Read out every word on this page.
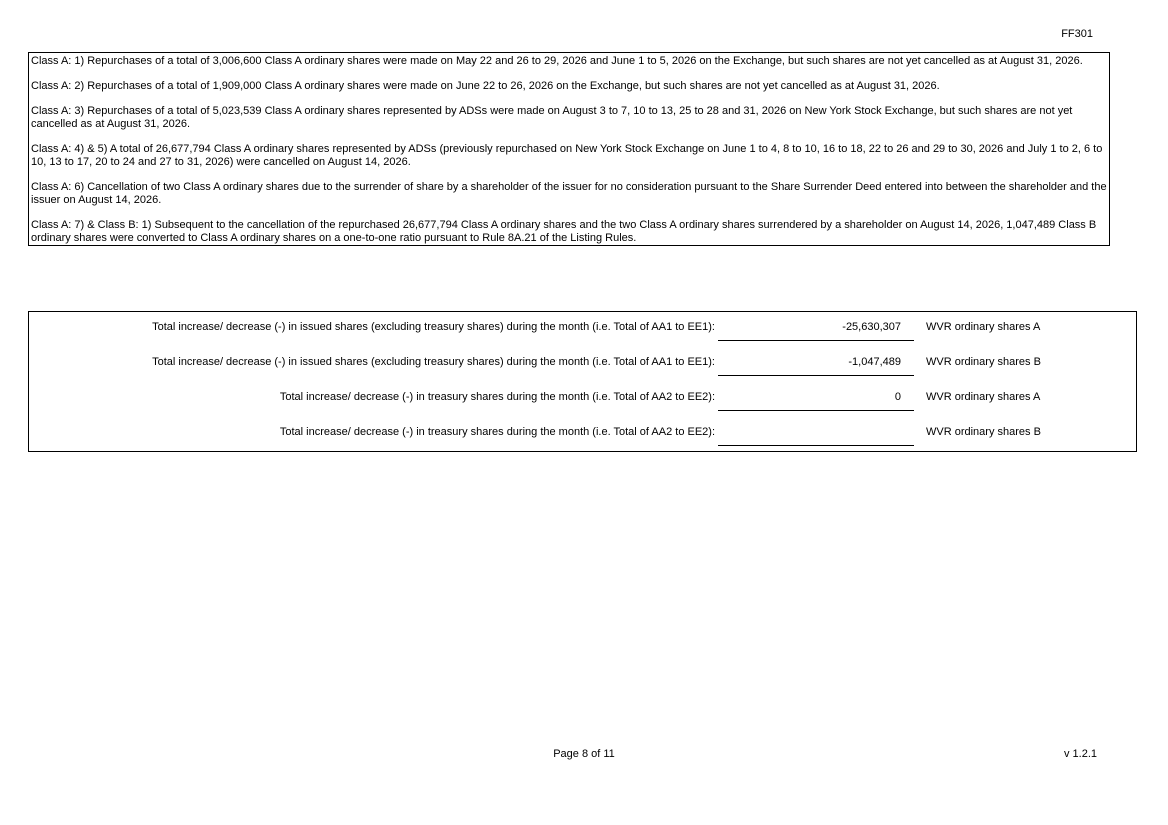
FF301

Class A: 1) Repurchases of a total of 3,006,600 Class A ordinary shares were made on May 22 and 26 to 29, 2026 and June 1 to 5, 2026 on the Exchange, but such shares are not yet cancelled as at August 31, 2026.

Class A: 2) Repurchases of a total of 1,909,000 Class A ordinary shares were made on June 22 to 26, 2026 on the Exchange, but such shares are not yet cancelled as at August 31, 2026.

Class A: 3) Repurchases of a total of 5,023,539 Class A ordinary shares represented by ADSs were made on August 3 to 7, 10 to 13, 25 to 28 and 31, 2026 on New York Stock Exchange, but such shares are not yet cancelled as at August 31, 2026.

Class A: 4) & 5) A total of 26,677,794 Class A ordinary shares represented by ADSs (previously repurchased on New York Stock Exchange on June 1 to 4, 8 to 10, 16 to 18, 22 to 26 and 29 to 30, 2026 and July 1 to 2, 6 to 10, 13 to 17, 20 to 24 and 27 to 31, 2026) were cancelled on August 14, 2026.

Class A: 6) Cancellation of two Class A ordinary shares due to the surrender of share by a shareholder of the issuer for no consideration pursuant to the Share Surrender Deed entered into between the shareholder and the issuer on August 14, 2026.

Class A: 7) & Class B: 1) Subsequent to the cancellation of the repurchased 26,677,794 Class A ordinary shares and the two Class A ordinary shares surrendered by a shareholder on August 14, 2026, 1,047,489 Class B ordinary shares were converted to Class A ordinary shares on a one-to-one ratio pursuant to Rule 8A.21 of the Listing Rules.

Total increase/ decrease (-) in issued shares (excluding treasury shares) during the month (i.e. Total of AA1 to EE1):	-25,630,307 WVR ordinary shares A
Total increase/ decrease (-) in issued shares (excluding treasury shares) during the month (i.e. Total of AA1 to EE1):	-1,047,489 WVR ordinary shares B
Total increase/ decrease (-) in treasury shares during the month (i.e. Total of AA2 to EE2):	0 WVR ordinary shares A
Total increase/ decrease (-) in treasury shares during the month (i.e. Total of AA2 to EE2):	WVR ordinary shares B
Page 8 of 11	v 1.2.1
